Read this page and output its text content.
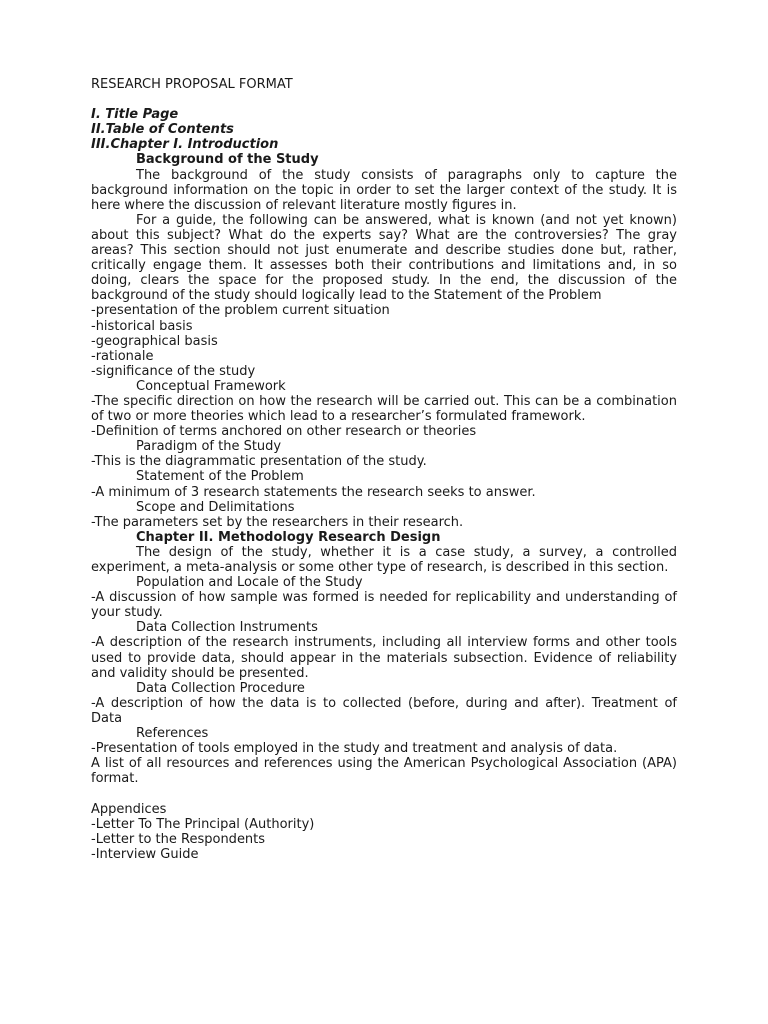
RESEARCH PROPOSAL FORMAT
I. Title Page
II.Table of Contents
III.Chapter I. Introduction
Background of the Study

The background of the study consists of paragraphs only to capture the background information on the topic in order to set the larger context of the study. It is here where the discussion of relevant literature mostly figures in.

For a guide, the following can be answered, what is known (and not yet known) about this subject? What do the experts say? What are the controversies? The gray areas? This section should not just enumerate and describe studies done but, rather, critically engage them. It assesses both their contributions and limitations and, in so doing, clears the space for the proposed study. In the end, the discussion of the background of the study should logically lead to the Statement of the Problem

-presentation of the problem current situation
-historical basis
-geographical basis
-rationale
-significance of the study
Conceptual Framework

-The specific direction on how the research will be carried out. This can be a combination of two or more theories which lead to a researcher’s formulated framework.

-Definition of terms anchored on other research or theories
Paradigm of the Study
-This is the diagrammatic presentation of the study.
Statement of the Problem
-A minimum of 3 research statements the research seeks to answer.
Scope and Delimitations
-The parameters set by the researchers in their research.
Chapter II. Methodology Research Design

The design of the study, whether it is a case study, a survey, a controlled experiment, a meta-analysis or some other type of research, is described in this section.

Population and Locale of the Study

-A discussion of how sample was formed is needed for replicability and understanding of your study.

Data Collection Instruments

-A description of the research instruments, including all interview forms and other tools used to provide data, should appear in the materials subsection. Evidence of reliability and validity should be presented.

Data Collection Procedure

-A description of how the data is to collected (before, during and after). Treatment of Data

References
-Presentation of tools employed in the study and treatment and analysis of data.

A list of all resources and references using the American Psychological Association (APA) format.

Appendices
-Letter To The Principal (Authority)
-Letter to the Respondents
-Interview Guide
